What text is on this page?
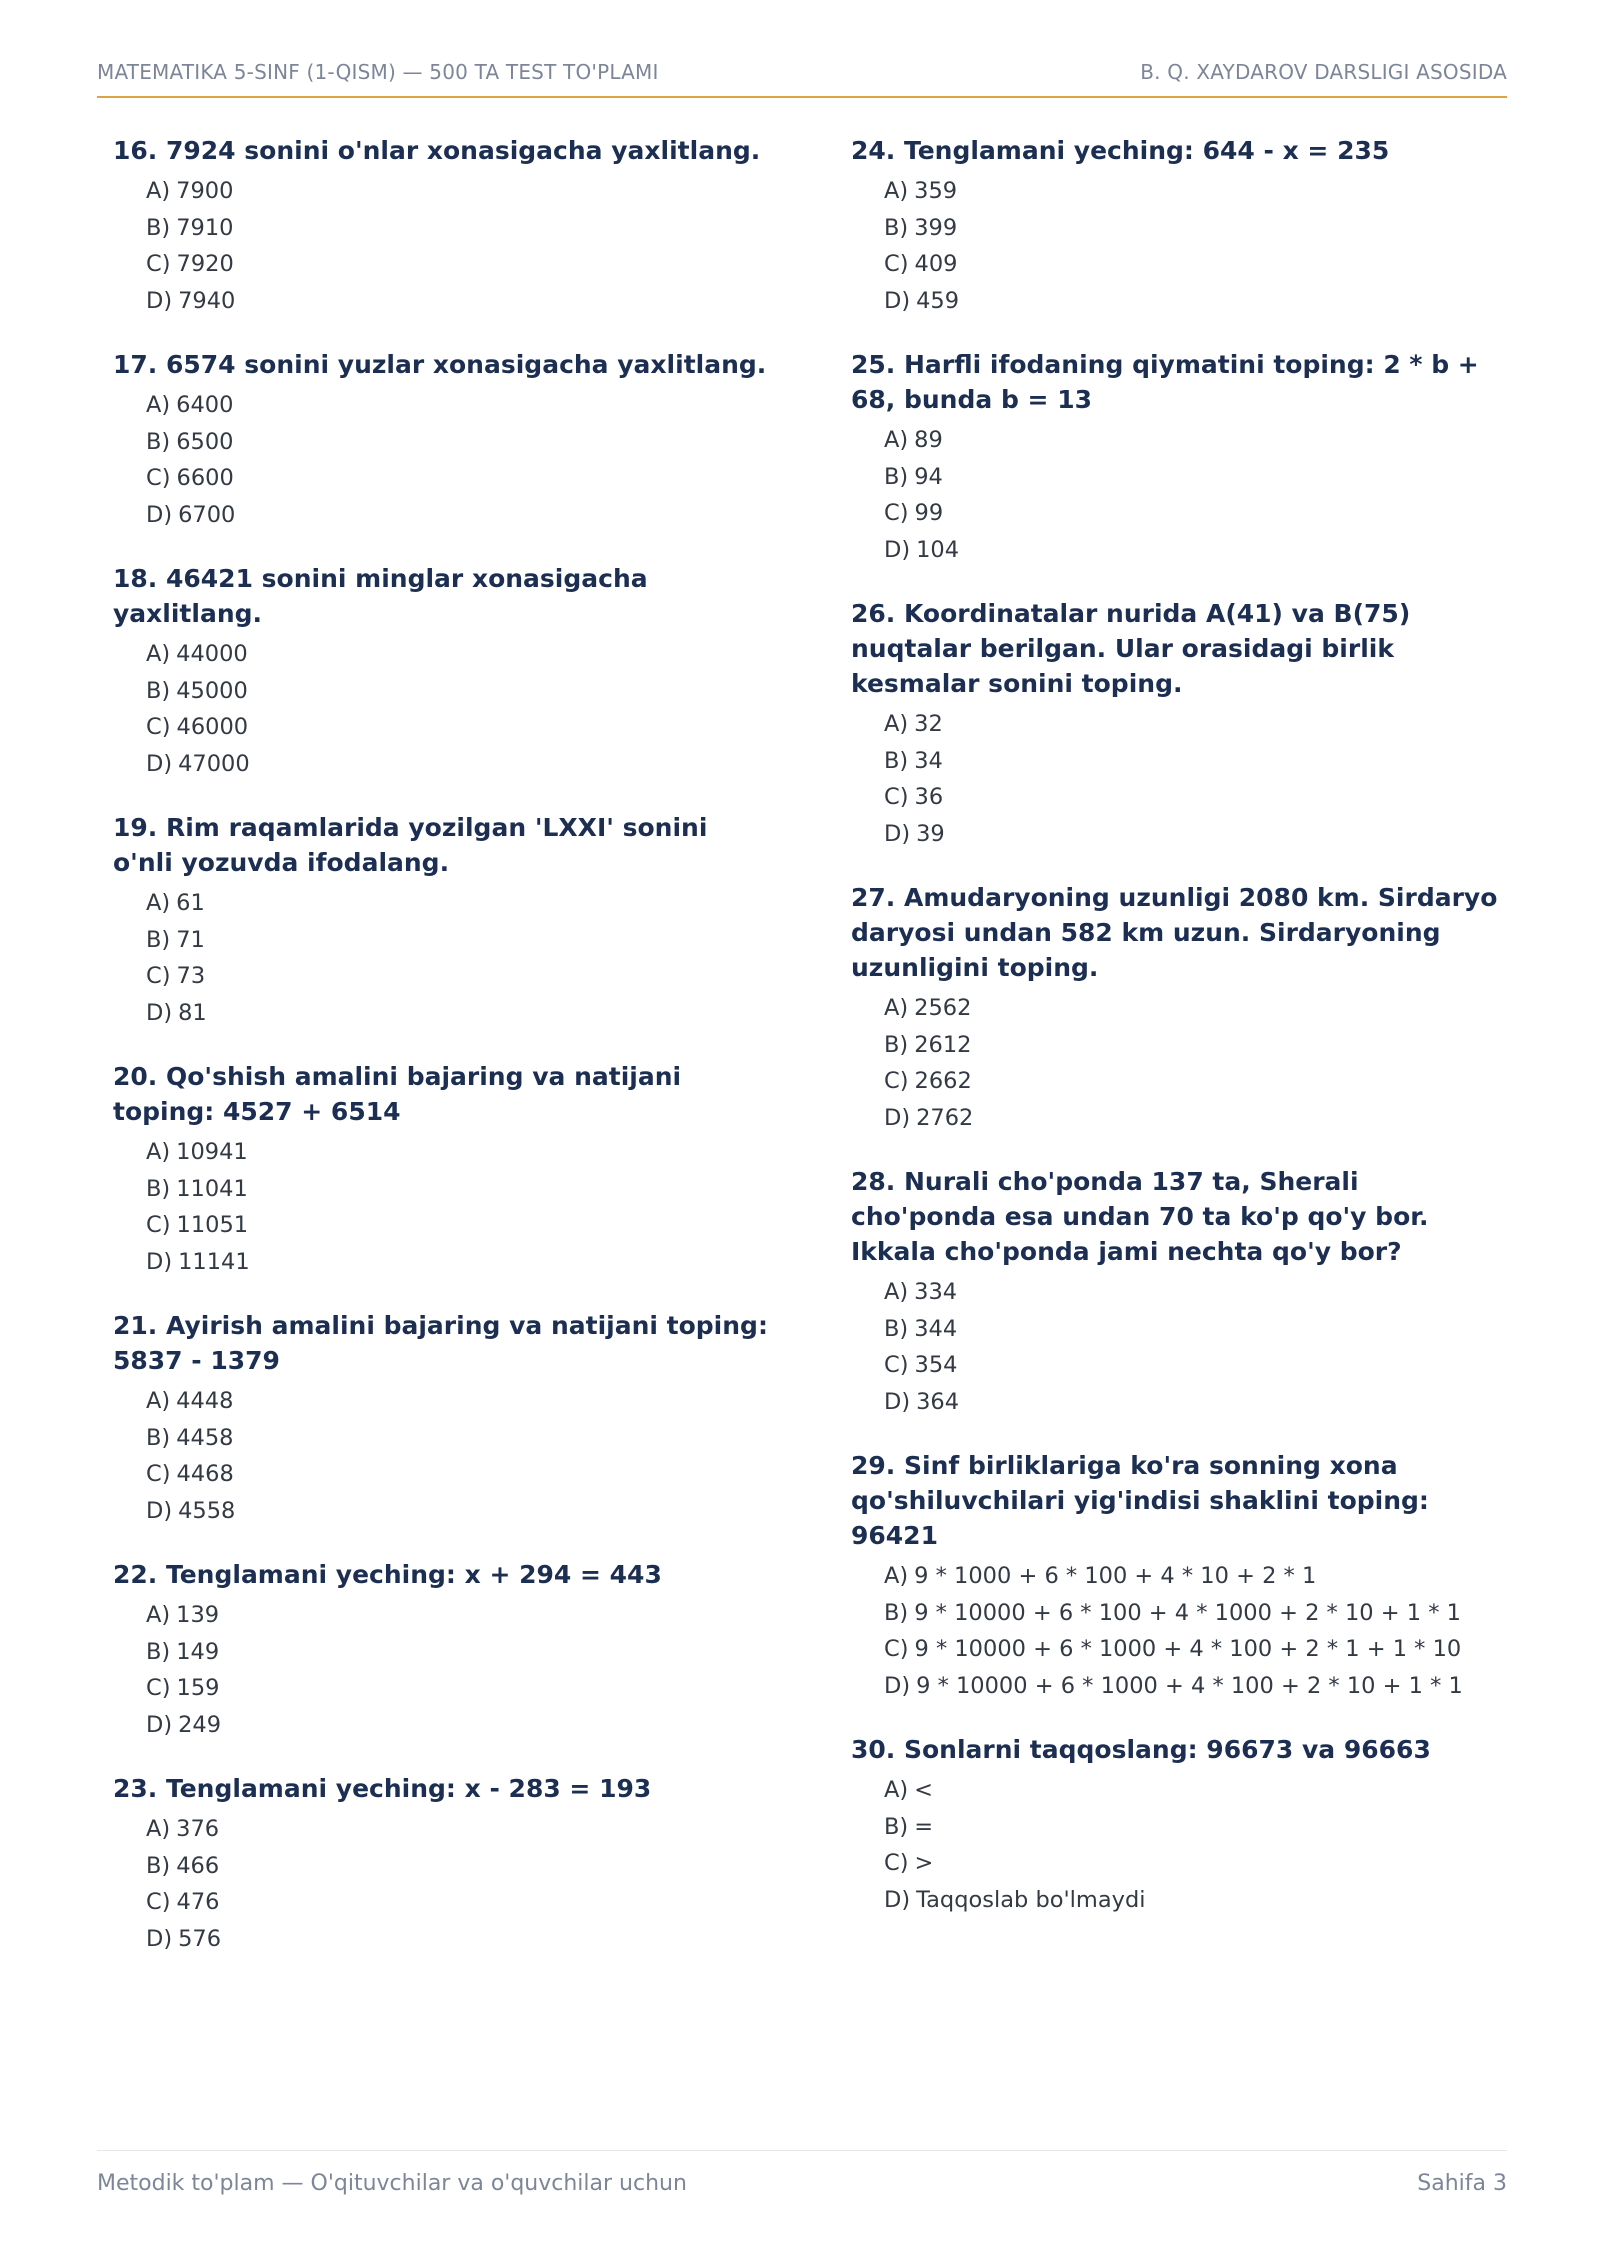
MATEMATIKA 5-SINF (1-QISM) — 500 TA TEST TO'PLAMI	B. Q. XAYDAROV DARSLIGI ASOSIDA
16. 7924 sonini o'nlar xonasigacha yaxlitlang.
A) 7900
B) 7910
C) 7920
D) 7940
17. 6574 sonini yuzlar xonasigacha yaxlitlang.
A) 6400
B) 6500
C) 6600
D) 6700
18. 46421 sonini minglar xonasigacha yaxlitlang.
A) 44000
B) 45000
C) 46000
D) 47000
19. Rim raqamlarida yozilgan 'LXXI' sonini o'nli yozuvda ifodalang.
A) 61
B) 71
C) 73
D) 81
20. Qo'shish amalini bajaring va natijani toping: 4527 + 6514
A) 10941
B) 11041
C) 11051
D) 11141
21. Ayirish amalini bajaring va natijani toping: 5837 - 1379
A) 4448
B) 4458
C) 4468
D) 4558
22. Tenglamani yeching: x + 294 = 443
A) 139
B) 149
C) 159
D) 249
23. Tenglamani yeching: x - 283 = 193
A) 376
B) 466
C) 476
D) 576
24. Tenglamani yeching: 644 - x = 235
A) 359
B) 399
C) 409
D) 459
25. Harfli ifodaning qiymatini toping: 2 * b + 68, bunda b = 13
A) 89
B) 94
C) 99
D) 104
26. Koordinatalar nurida A(41) va B(75) nuqtalar berilgan. Ular orasidagi birlik kesmalar sonini toping.
A) 32
B) 34
C) 36
D) 39
27. Amudaryoning uzunligi 2080 km. Sirdaryo daryosi undan 582 km uzun. Sirdaryoning uzunligini toping.
A) 2562
B) 2612
C) 2662
D) 2762
28. Nurali cho'ponda 137 ta, Sherali cho'ponda esa undan 70 ta ko'p qo'y bor. Ikkala cho'ponda jami nechta qo'y bor?
A) 334
B) 344
C) 354
D) 364
29. Sinf birliklariga ko'ra sonning xona qo'shiluvchilari yig'indisi shaklini toping: 96421
A) 9 * 1000 + 6 * 100 + 4 * 10 + 2 * 1
B) 9 * 10000 + 6 * 100 + 4 * 1000 + 2 * 10 + 1 * 1
C) 9 * 10000 + 6 * 1000 + 4 * 100 + 2 * 1 + 1 * 10
D) 9 * 10000 + 6 * 1000 + 4 * 100 + 2 * 10 + 1 * 1
30. Sonlarni taqqoslang: 96673 va 96663
A) <
B) =
C) >
D) Taqqoslab bo'lmaydi
Metodik to'plam — O'qituvchilar va o'quvchilar uchun	Sahifa 3
